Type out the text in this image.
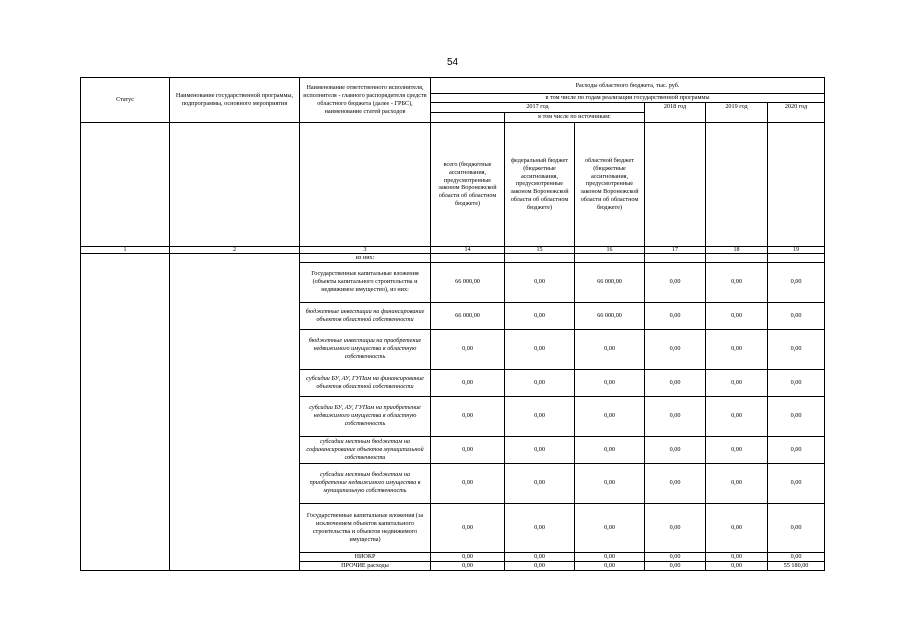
54
Статус	Наименование государственной программы, подпрограммы, основного мероприятия	Наименование ответственного исполнителя, исполнителя - главного распорядителя средств областного бюджета (далее - ГРБС), наименование статей расходов	Расходы областного бюджета, тыс. руб.					
			в том числе по годам реализации государственной программы					
			2017 год			2018 год	2019 год	2020 год
				в том числе по источникам:				
			всего (бюджетные ассигнования, предусмотренные законом Воронежской области об областном бюджете)	федеральный бюджет (бюджетные ассигнования, предусмотренные законом Воронежской области об областном бюджете)	областной бюджет (бюджетные ассигнования, предусмотренные законом Воронежской области об областном бюджете)			
1	2	3	14	15	16	17	18	19
		из них:						
		Государственные капитальные вложения (объекты капитального строительства и недвижимое имущество), из них:	66 000,00	0,00	66 000,00	0,00	0,00	0,00
		бюджетные инвестиции на финансирование объектов областной собственности	66 000,00	0,00	66 000,00	0,00	0,00	0,00
		бюджетные инвестиции на приобретение недвижимого имущества в областную собственность	0,00	0,00	0,00	0,00	0,00	0,00
		субсидии БУ, АУ, ГУПам на финансирование объектов областной собственности	0,00	0,00	0,00	0,00	0,00	0,00
		субсидии БУ, АУ, ГУПам на приобретение недвижимого имущества в областную собственность	0,00	0,00	0,00	0,00	0,00	0,00
		субсидии местным бюджетам на софинансирование объектов муниципальной собственности	0,00	0,00	0,00	0,00	0,00	0,00
		субсидии местным бюджетам на приобретение недвижимого имущества в муниципальную собственность	0,00	0,00	0,00	0,00	0,00	0,00
		Государственные капитальные вложения (за исключением объектов капитального строительства и объектов недвижимого имущества)	0,00	0,00	0,00	0,00	0,00	0,00
		НИОКР	0,00	0,00	0,00	0,00	0,00	0,00
		ПРОЧИЕ расходы	0,00	0,00	0,00	0,00	0,00	55 180,00
